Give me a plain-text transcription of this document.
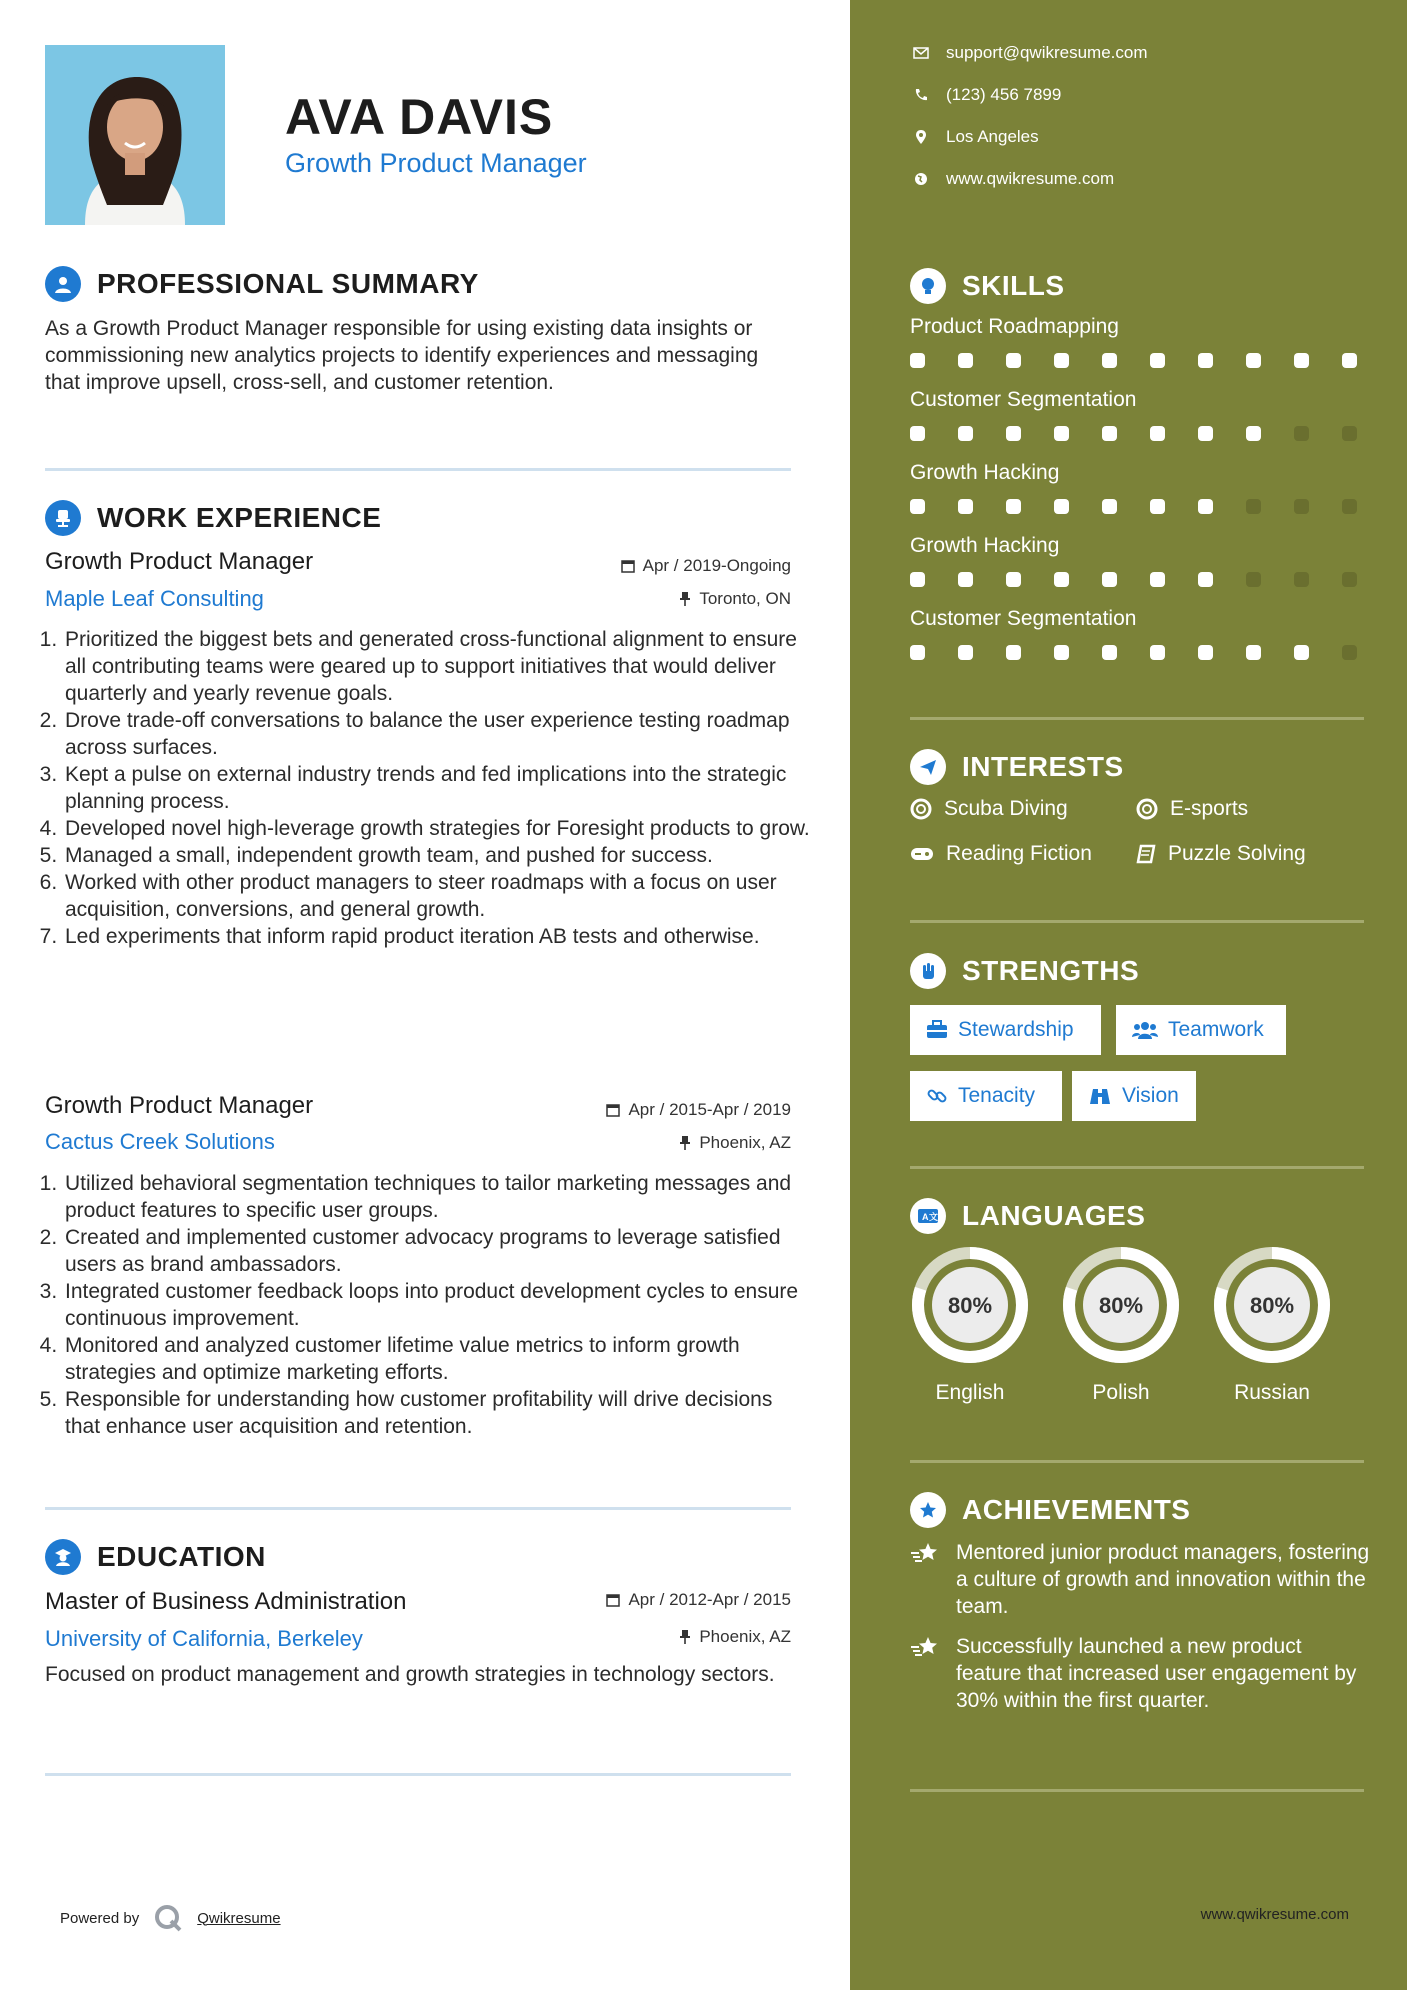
AVA DAVIS
Growth Product Manager
PROFESSIONAL SUMMARY
As a Growth Product Manager responsible for using existing data insights or commissioning new analytics projects to identify experiences and messaging that improve upsell, cross-sell, and customer retention.
WORK EXPERIENCE
Growth Product Manager	Apr / 2019-Ongoing
Maple Leaf Consulting	Toronto, ON
1. Prioritized the biggest bets and generated cross-functional alignment to ensure all contributing teams were geared up to support initiatives that would deliver quarterly and yearly revenue goals.
2. Drove trade-off conversations to balance the user experience testing roadmap across surfaces.
3. Kept a pulse on external industry trends and fed implications into the strategic planning process.
4. Developed novel high-leverage growth strategies for Foresight products to grow.
5. Managed a small, independent growth team, and pushed for success.
6. Worked with other product managers to steer roadmaps with a focus on user acquisition, conversions, and general growth.
7. Led experiments that inform rapid product iteration AB tests and otherwise.
Growth Product Manager	Apr / 2015-Apr / 2019
Cactus Creek Solutions	Phoenix, AZ
1. Utilized behavioral segmentation techniques to tailor marketing messages and product features to specific user groups.
2. Created and implemented customer advocacy programs to leverage satisfied users as brand ambassadors.
3. Integrated customer feedback loops into product development cycles to ensure continuous improvement.
4. Monitored and analyzed customer lifetime value metrics to inform growth strategies and optimize marketing efforts.
5. Responsible for understanding how customer profitability will drive decisions that enhance user acquisition and retention.
EDUCATION
Master of Business Administration	Apr / 2012-Apr / 2015
University of California, Berkeley	Phoenix, AZ
Focused on product management and growth strategies in technology sectors.
Powered by	Qwikresume
support@qwikresume.com
(123) 456 7899
Los Angeles
www.qwikresume.com
SKILLS
Product Roadmapping
Customer Segmentation
Growth Hacking
Growth Hacking
Customer Segmentation
INTERESTS
Scuba Diving	E-sports
Reading Fiction	Puzzle Solving
STRENGTHS
Stewardship	Teamwork
Tenacity	Vision
A 文 LANGUAGES
80%
English
80%
Polish
80%
Russian
ACHIEVEMENTS
Mentored junior product managers, fostering a culture of growth and innovation within the team.
Successfully launched a new product feature that increased user engagement by 30% within the first quarter.
www.qwikresume.com
